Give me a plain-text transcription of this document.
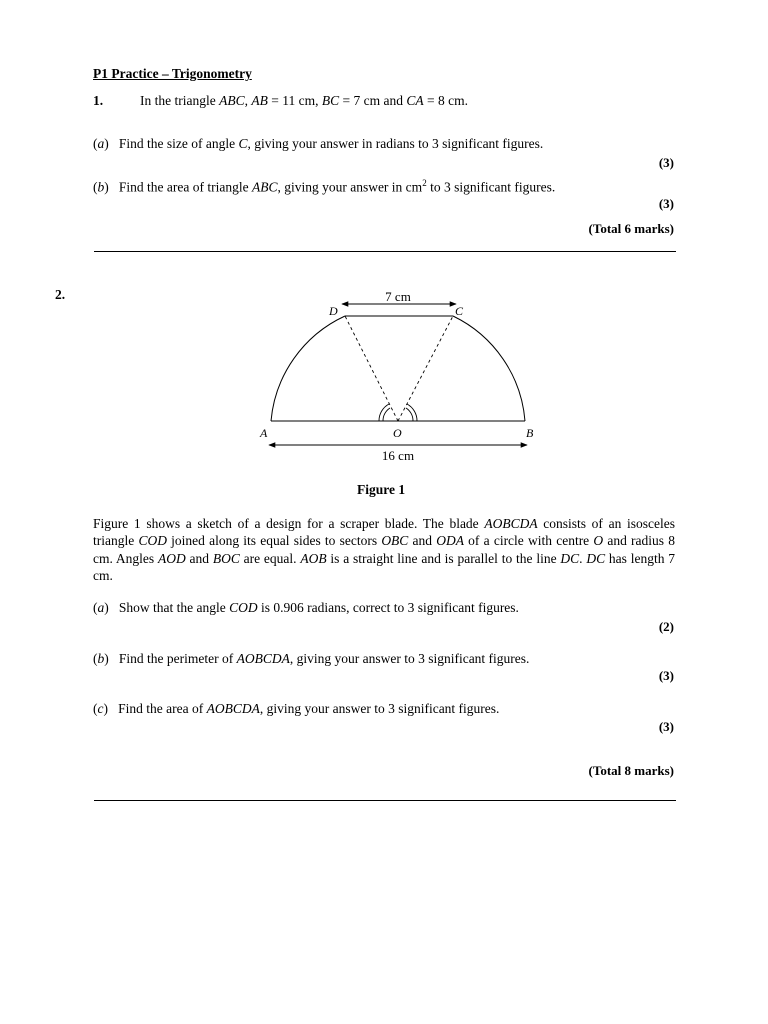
P1 Practice – Trigonometry
1.	In the triangle ABC, AB = 11 cm, BC = 7 cm and CA = 8 cm.
(a)   Find the size of angle C, giving your answer in radians to 3 significant figures.
(3)
(b)   Find the area of triangle ABC, giving your answer in $cm^2$ to 3 significant figures.
(3)
(Total 6 marks)
2.	7 cm
16 cm
D	C
A	B
O
Figure 1
Figure 1 shows a sketch of a design for a scraper blade. The blade AOBCDA consists of an isosceles triangle COD joined along its equal sides to sectors OBC and ODA of a circle with centre O and radius 8 cm. Angles AOD and BOC are equal. AOB is a straight line and is parallel to the line DC. DC has length 7 cm.
(a)   Show that the angle COD is 0.906 radians, correct to 3 significant figures.
(2)
(b)   Find the perimeter of AOBCDA, giving your answer to 3 significant figures.
(3)
(c)   Find the area of AOBCDA, giving your answer to 3 significant figures.
(3)
(Total 8 marks)
